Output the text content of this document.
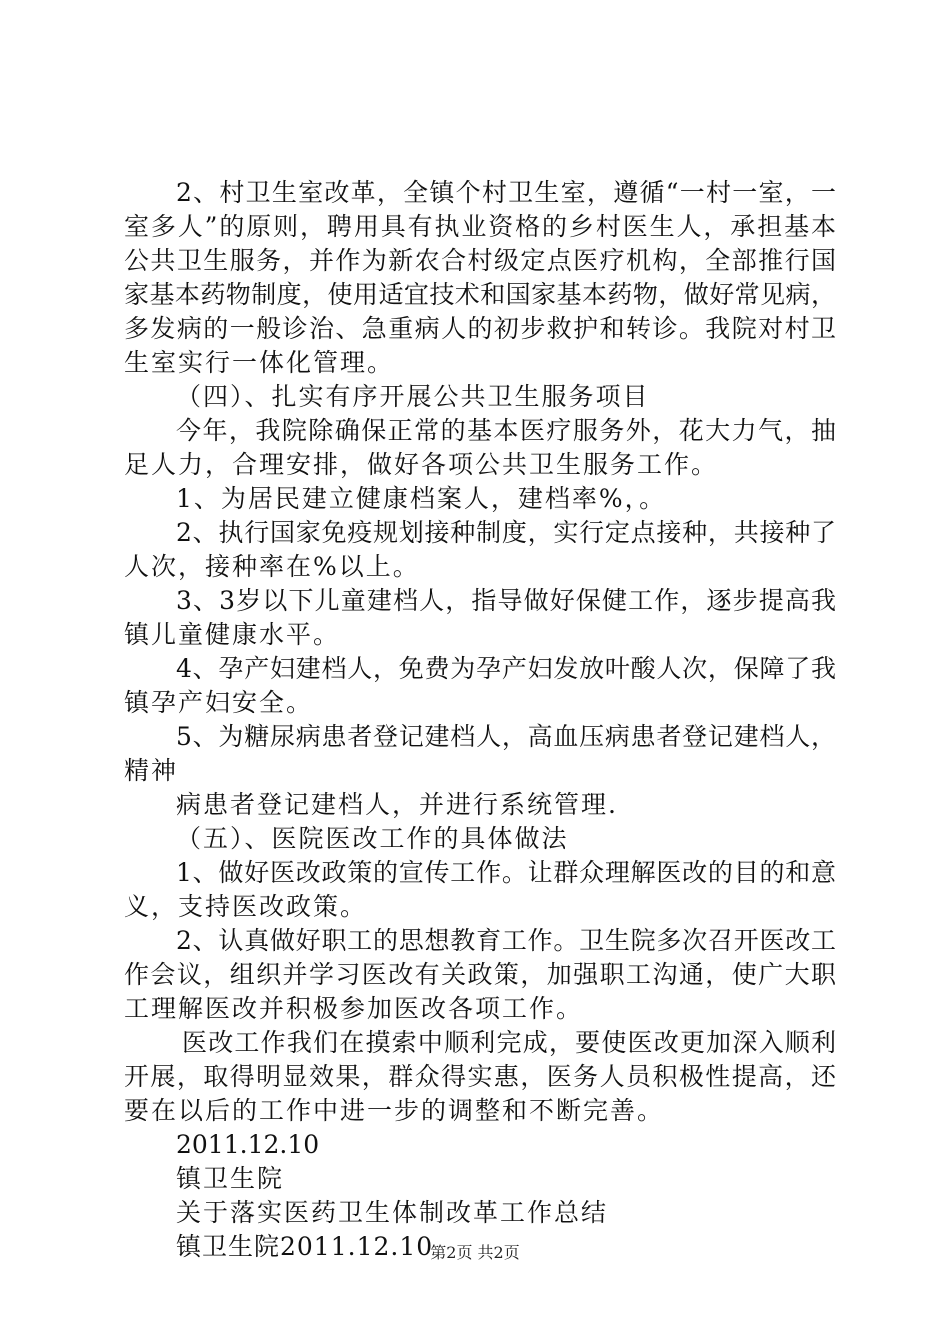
2、村卫生室改革，全镇个村卫生室，遵循“一村一室，一
室多人”的原则，聘用具有执业资格的乡村医生人，承担基本
公共卫生服务，并作为新农合村级定点医疗机构，全部推行国
家基本药物制度，使用适宜技术和国家基本药物，做好常见病，
多发病的一般诊治、急重病人的初步救护和转诊。我院对村卫
生室实行一体化管理。
（四）、扎实有序开展公共卫生服务项目
今年，我院除确保正常的基本医疗服务外，花大力气，抽
足人力，合理安排，做好各项公共卫生服务工作。
1、为居民建立健康档案人，建档率%，。
2、执行国家免疫规划接种制度，实行定点接种，共接种了
人次，接种率在%以上。
3、3岁以下儿童建档人，指导做好保健工作，逐步提高我
镇儿童健康水平。
4、孕产妇建档人，免费为孕产妇发放叶酸人次，保障了我
镇孕产妇安全。
5、为糖尿病患者登记建档人，高血压病患者登记建档人，
精神
病患者登记建档人，并进行系统管理.
（五）、医院医改工作的具体做法
1、做好医改政策的宣传工作。让群众理解医改的目的和意
义，支持医改政策。
2、认真做好职工的思想教育工作。卫生院多次召开医改工
作会议，组织并学习医改有关政策，加强职工沟通，使广大职
工理解医改并积极参加医改各项工作。
医改工作我们在摸索中顺利完成，要使医改更加深入顺利
开展，取得明显效果，群众得实惠，医务人员积极性提高，还
要在以后的工作中进一步的调整和不断完善。
2011.12.10
镇卫生院
关于落实医药卫生体制改革工作总结
镇卫生院2011.12.10
第2页 共2页
